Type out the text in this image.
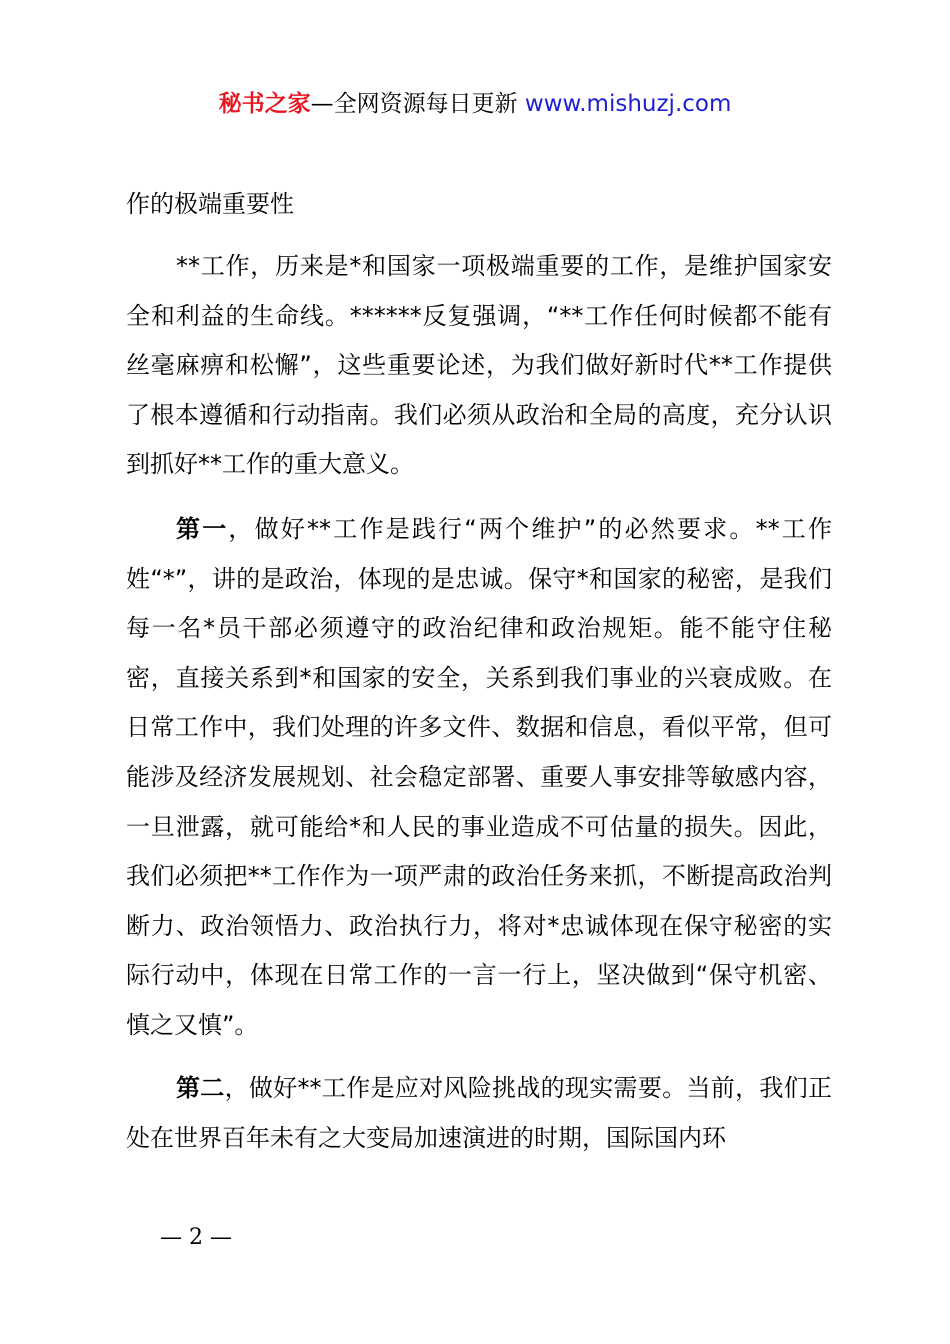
秘书之家—全网资源每日更新 www.mishuzj.com

作的极端重要性

**工作，历来是*和国家一项极端重要的工作，是维护国家安全和利益的生命线。******反复强调，“**工作任何时候都不能有丝毫麻痹和松懈”，这些重要论述，为我们做好新时代**工作提供了根本遵循和行动指南。我们必须从政治和全局的高度，充分认识到抓好**工作的重大意义。

第一，做好**工作是践行“两个维护”的必然要求。**工作姓“*”，讲的是政治，体现的是忠诚。保守*和国家的秘密，是我们每一名*员干部必须遵守的政治纪律和政治规矩。能不能守住秘密，直接关系到*和国家的安全，关系到我们事业的兴衰成败。在日常工作中，我们处理的许多文件、数据和信息，看似平常，但可能涉及经济发展规划、社会稳定部署、重要人事安排等敏感内容，一旦泄露，就可能给*和人民的事业造成不可估量的损失。因此，我们必须把**工作作为一项严肃的政治任务来抓，不断提高政治判断力、政治领悟力、政治执行力，将对*忠诚体现在保守秘密的实际行动中，体现在日常工作的一言一行上，坚决做到“保守机密、慎之又慎”。

第二，做好**工作是应对风险挑战的现实需要。当前，我们正处在世界百年未有之大变局加速演进的时期，国际国内环

— 2 —
